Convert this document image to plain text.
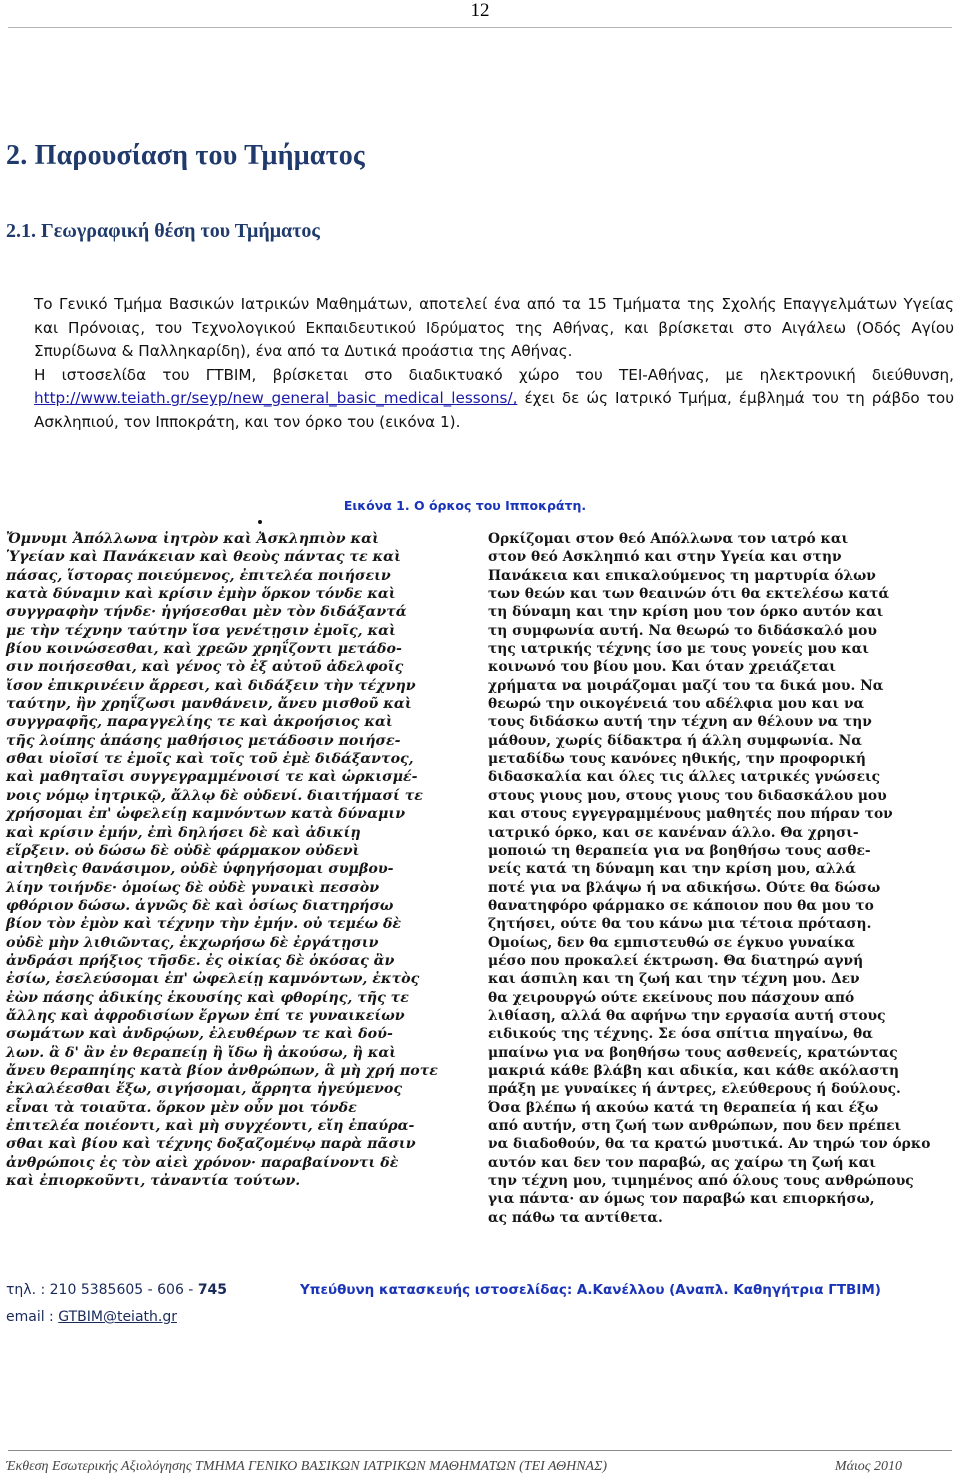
12
2. Παρουσίαση του Τμήματος
2.1. Γεωγραφική θέση του Τμήματος

Το Γενικό Τμήμα Βασικών Ιατρικών Μαθημάτων, αποτελεί ένα από τα 15 Τμήματα της Σχολής Επαγγελμάτων Υγείας και Πρόνοιας, του Τεχνολογικού Εκπαιδευτικού Ιδρύματος της Αθήνας, και βρίσκεται στο Αιγάλεω (Οδός Αγίου Σπυρίδωνα & Παλληκαρίδη), ένα από τα Δυτικά προάστια της Αθήνας.

Η ιστοσελίδα του ΓΤΒΙΜ, βρίσκεται στο διαδικτυακό χώρο του ΤΕΙ-Αθήνας, με ηλεκτρονική διεύθυνση, http://www.teiath.gr/seyp/new_general_basic_medical_lessons/, έχει δε ώς Ιατρικό Τμήμα, έμβλημά του τη ράβδο του Ασκληπιού, τον Ιπποκράτη, και τον όρκο του (εικόνα 1).

Εικόνα 1. Ο όρκος του Ιπποκράτη.
Ὄμνυμι Ἀπόλλωνα ἰητρὸν καὶ Ἀσκληπιὸν καὶ
Ὑγείαν καὶ Πανάκειαν καὶ θεοὺς πάντας τε καὶ
πάσας, ἵστορας ποιεύμενος, ἐπιτελέα ποιήσειν
κατὰ δύναμιν καὶ κρίσιν ἐμὴν ὅρκον τόνδε καὶ
συγγραφὴν τήνδε· ἡγήσεσθαι μὲν τὸν διδάξαντά
με τὴν τέχνην ταύτην ἴσα γενέτῃσιν ἐμοῖς, καὶ
βίου κοινώσεσθαι, καὶ χρεῶν χρηΐζοντι μετάδο-
σιν ποιήσεσθαι, καὶ γένος τὸ ἐξ αὐτοῦ ἀδελφοῖς
ἴσον ἐπικρινέειν ἄρρεσι, καὶ διδάξειν τὴν τέχνην
ταύτην, ἢν χρηΐζωσι μανθάνειν, ἄνευ μισθοῦ καὶ
συγγραφῆς, παραγγελίης τε καὶ ἀκροήσιος καὶ
τῆς λοίπης ἁπάσης μαθήσιος μετάδοσιν ποιήσε-
σθαι υἱοῖσί τε ἐμοῖς καὶ τοῖς τοῦ ἐμὲ διδάξαντος,
καὶ μαθηταῖσι συγγεγραμμένοισί τε καὶ ὡρκισμέ-
νοις νόμῳ ἰητρικῷ, ἄλλῳ δὲ οὐδενί. διαιτήμασί τε
χρήσομαι ἐπ' ὠφελείῃ καμνόντων κατὰ δύναμιν
καὶ κρίσιν ἐμήν, ἐπὶ δηλήσει δὲ καὶ ἀδικίῃ
εἴρξειν. οὐ δώσω δὲ οὐδὲ φάρμακον οὐδενὶ
αἰτηθεὶς θανάσιμον, οὐδὲ ὑφηγήσομαι συμβου-
λίην τοιήνδε· ὁμοίως δὲ οὐδὲ γυναικὶ πεσσὸν
φθόριον δώσω. ἁγνῶς δὲ καὶ ὁσίως διατηρήσω
βίον τὸν ἐμὸν καὶ τέχνην τὴν ἐμήν. οὐ τεμέω δὲ
οὐδὲ μὴν λιθιῶντας, ἐκχωρήσω δὲ ἐργάτῃσιν
ἀνδράσι πρήξιος τῆσδε. ἐς οἰκίας δὲ ὁκόσας ἂν
ἐσίω, ἐσελεύσομαι ἐπ' ὠφελείῃ καμνόντων, ἐκτὸς
ἐὼν πάσης ἀδικίης ἑκουσίης καὶ φθορίης, τῆς τε
ἄλλης καὶ ἀφροδισίων ἔργων ἐπί τε γυναικείων
σωμάτων καὶ ἀνδρῴων, ἐλευθέρων τε καὶ δού-
λων. ἃ δ' ἂν ἐν θεραπείῃ ἢ ἴδω ἢ ἀκούσω, ἢ καὶ
ἄνευ θεραπηίης κατὰ βίον ἀνθρώπων, ἃ μὴ χρή ποτε
ἐκλαλέεσθαι ἔξω, σιγήσομαι, ἄρρητα ἡγεύμενος
εἶναι τὰ τοιαῦτα. ὅρκον μὲν οὖν μοι τόνδε
ἐπιτελέα ποιέοντι, καὶ μὴ συγχέοντι, εἴη ἐπαύρα-
σθαι καὶ βίου καὶ τέχνης δοξαζομένῳ παρὰ πᾶσιν
ἀνθρώποις ἐς τὸν αἰεὶ χρόνον· παραβαίνοντι δὲ
καὶ ἐπιορκοῦντι, τἀναντία τούτων.
Ορκίζομαι στον θεό Απόλλωνα τον ιατρό και
στον θεό Ασκληπιό και στην Υγεία και στην
Πανάκεια και επικαλούμενος τη μαρτυρία όλων
των θεών και των θεαινών ότι θα εκτελέσω κατά
τη δύναμη και την κρίση μου τον όρκο αυτόν και
τη συμφωνία αυτή. Να θεωρώ το διδάσκαλό μου
της ιατρικής τέχνης ίσο με τους γονείς μου και
κοινωνό του βίου μου. Και όταν χρειάζεται
χρήματα να μοιράζομαι μαζί του τα δικά μου. Να
θεωρώ την οικογένειά του αδέλφια μου και να
τους διδάσκω αυτή την τέχνη αν θέλουν να την
μάθουν, χωρίς δίδακτρα ή άλλη συμφωνία. Να
μεταδίδω τους κανόνες ηθικής, την προφορική
διδασκαλία και όλες τις άλλες ιατρικές γνώσεις
στους γιους μου, στους γιους του διδασκάλου μου
και στους εγγεγραμμένους μαθητές που πήραν τον
ιατρικό όρκο, και σε κανέναν άλλο. Θα χρησι-
μοποιώ τη θεραπεία για να βοηθήσω τους ασθε-
νείς κατά τη δύναμη και την κρίση μου, αλλά
ποτέ για να βλάψω ή να αδικήσω. Ούτε θα δώσω
θανατηφόρο φάρμακο σε κάποιον που θα μου το
ζητήσει, ούτε θα του κάνω μια τέτοια πρόταση.
Ομοίως, δεν θα εμπιστευθώ σε έγκυο γυναίκα
μέσο που προκαλεί έκτρωση. Θα διατηρώ αγνή
και άσπιλη και τη ζωή και την τέχνη μου. Δεν
θα χειρουργώ ούτε εκείνους που πάσχουν από
λιθίαση, αλλά θα αφήνω την εργασία αυτή στους
ειδικούς της τέχνης. Σε όσα σπίτια πηγαίνω, θα
μπαίνω για να βοηθήσω τους ασθενείς, κρατώντας
μακριά κάθε βλάβη και αδικία, και κάθε ακόλαστη
πράξη με γυναίκες ή άντρες, ελεύθερους ή δούλους.
Όσα βλέπω ή ακούω κατά τη θεραπεία ή και έξω
από αυτήν, στη ζωή των ανθρώπων, που δεν πρέπει
να διαδοθούν, θα τα κρατώ μυστικά. Αν τηρώ τον όρκο
αυτόν και δεν τον παραβώ, ας χαίρω τη ζωή και
την τέχνη μου, τιμημένος από όλους τους ανθρώπους
για πάντα· αν όμως τον παραβώ και επιορκήσω,
ας πάθω τα αντίθετα.
τηλ. : 210 5385605 - 606 - 745	Υπεύθυνη κατασκευής ιστοσελίδας: Α.Κανέλλου (Αναπλ. Καθηγήτρια ΓΤΒΙΜ)
email : GTBIM@teiath.gr
Έκθεση Εσωτερικής Αξιολόγησης ΤΜΗΜΑ ΓΕΝΙΚΟ ΒΑΣΙΚΩΝ ΙΑΤΡΙΚΩΝ ΜΑΘΗΜΑΤΩΝ (ΤΕΙ ΑΘΗΝΑΣ)	Μάιος 2010
